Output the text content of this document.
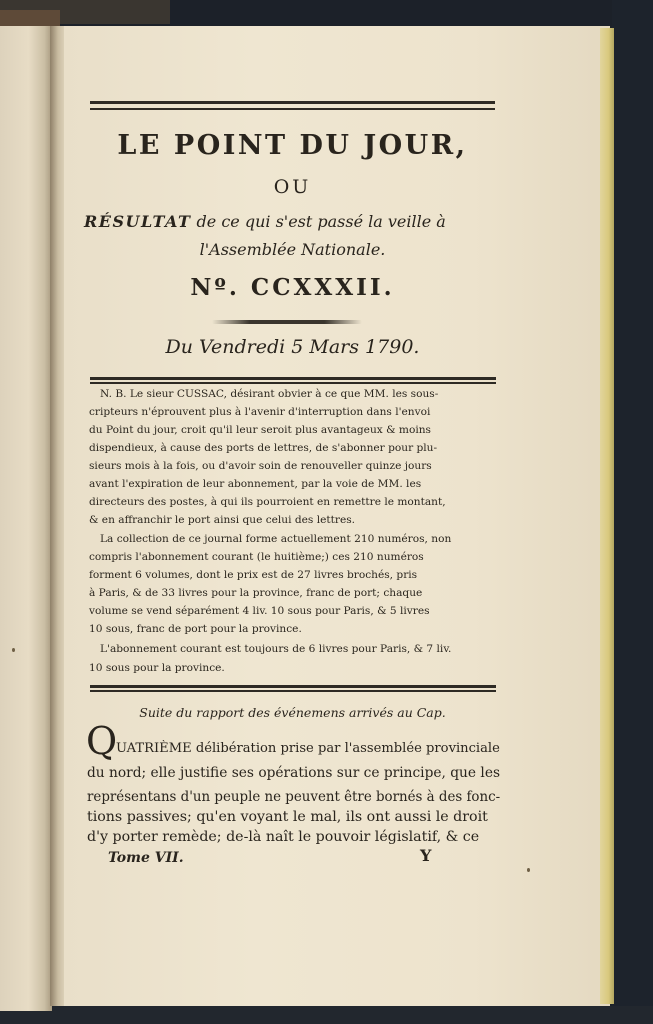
LE POINT DU JOUR,

OU

RÉSULTAT de ce qui s'est passé la veille à

l'Assemblée Nationale.

Nº. CCXXXII.

Du Vendredi 5 Mars 1790.

N. B. Le sieur CUSSAC, désirant obvier à ce que MM. les sous-

cripteurs n'éprouvent plus à l'avenir d'interruption dans l'envoi

du Point du jour, croit qu'il leur seroit plus avantageux & moins

dispendieux, à cause des ports de lettres, de s'abonner pour plu-

sieurs mois à la fois, ou d'avoir soin de renouveller quinze jours

avant l'expiration de leur abonnement, par la voie de MM. les

directeurs des postes, à qui ils pourroient en remettre le montant,

& en affranchir le port ainsi que celui des lettres.

La collection de ce journal forme actuellement 210 numéros, non

compris l'abonnement courant (le huitième;) ces 210 numéros

forment 6 volumes, dont le prix est de 27 livres brochés, pris

à Paris, & de 33 livres pour la province, franc de port; chaque

volume se vend séparément 4 liv. 10 sous pour Paris, & 5 livres

10 sous, franc de port pour la province.

L'abonnement courant est toujours de 6 livres pour Paris, & 7 liv.

10 sous pour la province.

Suite du rapport des événemens arrivés au Cap.

Q

UATRIÈME délibération prise par l'assemblée provinciale

du nord; elle justifie ses opérations sur ce principe, que les

représentans d'un peuple ne peuvent être bornés à des fonc-

tions passives; qu'en voyant le mal, ils ont aussi le droit

d'y porter remède; de-là naît le pouvoir législatif, & ce

Tome VII.	Y
